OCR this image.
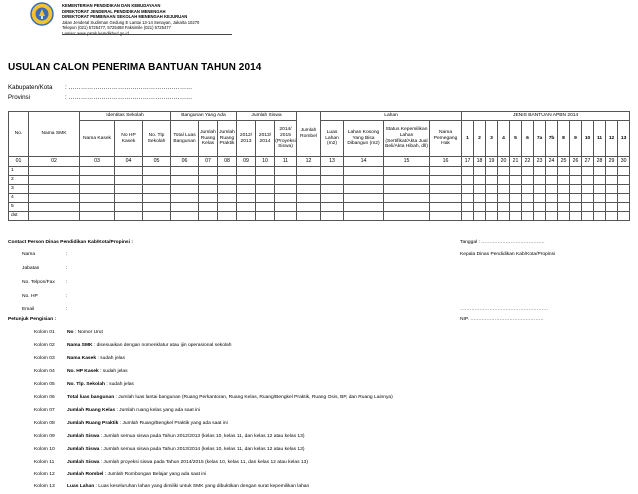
KEMENTERIAN PENDIDIKAN DAN KEBUDAYAAN
DIREKTORAT JENDERAL PENDIDIKAN MENENGAH
DIREKTORAT PEMBINAAN SEKOLAH MENENGAH KEJURUAN
Jalan Jenderal Sudirman Gedung E Lantai 13-14 Senayan, Jakarta 10270
Telepon (021) 5725477, 5725468 Faksimile (021) 5725477
Laman: www.psmk.kemdikbud.go.id
USULAN CALON PENERIMA BANTUAN TAHUN 2014
Kabupaten/Kota : ……………………………………………………
Provinsi	: ……………………………………………………
No.	Nama SMK	Identitas Sekolah			Bangunan Yang Ada			Jumlah Siswa			Jumlah Rombel	Lahan				JENIS BANTUAN APBN 2014													
		Nama Kasek	No HP Kasek	No. Tlp Sekolah	Total Luas Bangunan	Jumlah Ruang Kelas	Jumlah Ruang Praktik	2012/ 2013	2013/ 2014	2014/ 2015 (Proyeksi Siswa)		Luas Lahan (m2)	Lahan Kosong Yang Bisa Dibangun (m2)	Status Kepemilikan Lahan (Sertifikat/Akta Jual Beli/Akta Hibah, dll)	Nama Pemegang Hak	1	2	3	4	5	6	7a	7b	8	9	10	11	12	13
01	02	03	04	05	06	07	08	09	10	11	12	13	14	15	16	17	18	19	20	21	22	23	24	25	26	27	28	29	30
1																													
2																													
3																													
4																													
5																													
dst																													
Contact Person Dinas Pendidikan Kab/Kota/Propinsi :
Nama	:
Jabatan	:
No. Telpon/Fax :
No. HP	:
Email	:
Tanggal : …………………………………
Kepala Dinas Pendidikan Kab/Kota/Propinsi
………………………………………………
NIP. ………………………………………
Petunjuk Pengisian :
Kolom 01	No : Nomor Urut
Kolom 02	Nama SMK : disesuaikan dengan nomenklatur atau ijin operasional sekolah
Kolom 03	Nama Kasek : sudah jelas
Kolom 04	No. HP Kasek : sudah jelas
Kolom 05	No. Tlp. Sekolah : sudah jelas
Kolom 06	Total luas bangunan : Jumlah luas lantai bangunan (Ruang Perkantoran, Ruang Kelas, Ruang/Bengkel Praktik, Ruang Osis, BP, dan Ruang Lainnya)
Kolom 07	Jumlah Ruang Kelas : Jumlah ruang kelas yang ada saat ini
Kolom 08	Jumlah Ruang Praktik : Jumlah Ruang/Bengkel Praktik yang ada saat ini
Kolom 09	Jumlah Siswa : Jumlah semua siswa pada Tahun 2012/2013 (kelas 10, kelas 11, dan kelas 12 atau kelas 13)
Kolom 10	Jumlah Siswa : Jumlah semua siswa pada Tahun 2013/2014 (kelas 10, kelas 11, dan kelas 12 atau kelas 13)
Kolom 11	Jumlah Siswa : Jumlah proyeksi siswa pada Tahun 2014/2015 (kelas 10, kelas 11, dan kelas 12 atau kelas 13)
Kolom 12	Jumlah Rombel : Jumlah Rombongan Belajar yang ada saat ini
Kolom 13	Luas Lahan : Luas keseluruhan lahan yang dimiliki untuk SMK yang dibuktikan dengan surat kepemilikan lahan
